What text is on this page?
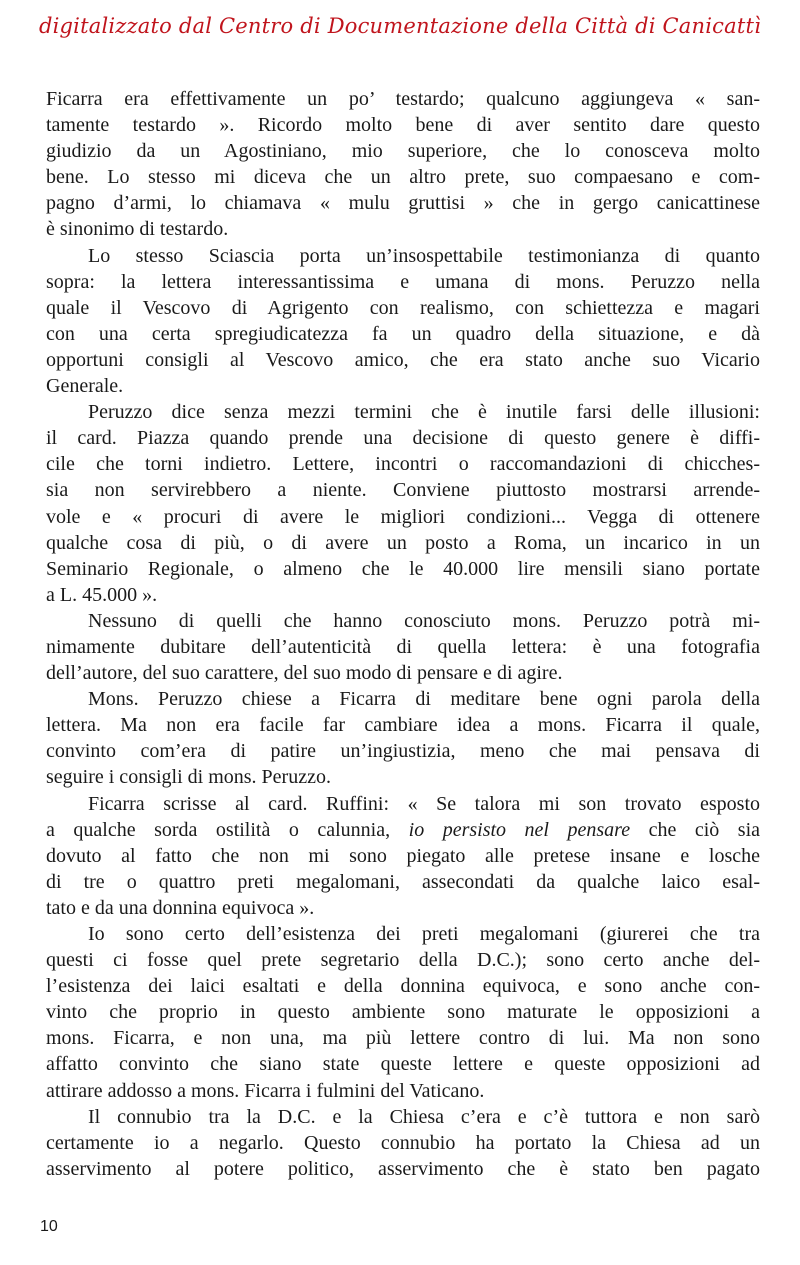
digitalizzato dal Centro di Documentazione della Città di Canicattì
Ficarra era effettivamente un po’ testardo; qualcuno aggiungeva « san-
tamente testardo ». Ricordo molto bene di aver sentito dare questo
giudizio da un Agostiniano, mio superiore, che lo conosceva molto
bene. Lo stesso mi diceva che un altro prete, suo compaesano e com-
pagno d’armi, lo chiamava « mulu gruttisi » che in gergo canicattinese
è sinonimo di testardo.
Lo stesso Sciascia porta un’insospettabile testimonianza di quanto
sopra: la lettera interessantissima e umana di mons. Peruzzo nella
quale il Vescovo di Agrigento con realismo, con schiettezza e magari
con una certa spregiudicatezza fa un quadro della situazione, e dà
opportuni consigli al Vescovo amico, che era stato anche suo Vicario
Generale.
Peruzzo dice senza mezzi termini che è inutile farsi delle illusioni:
il card. Piazza quando prende una decisione di questo genere è diffi-
cile che torni indietro. Lettere, incontri o raccomandazioni di chicches-
sia non servirebbero a niente. Conviene piuttosto mostrarsi arrende-
vole e « procuri di avere le migliori condizioni... Vegga di ottenere
qualche cosa di più, o di avere un posto a Roma, un incarico in un
Seminario Regionale, o almeno che le 40.000 lire mensili siano portate
a L. 45.000 ».
Nessuno di quelli che hanno conosciuto mons. Peruzzo potrà mi-
nimamente dubitare dell’autenticità di quella lettera: è una fotografia
dell’autore, del suo carattere, del suo modo di pensare e di agire.
Mons. Peruzzo chiese a Ficarra di meditare bene ogni parola della
lettera. Ma non era facile far cambiare idea a mons. Ficarra il quale,
convinto com’era di patire un’ingiustizia, meno che mai pensava di
seguire i consigli di mons. Peruzzo.
Ficarra scrisse al card. Ruffini: « Se talora mi son trovato esposto
a qualche sorda ostilità o calunnia, io persisto nel pensare che ciò sia
dovuto al fatto che non mi sono piegato alle pretese insane e losche
di tre o quattro preti megalomani, assecondati da qualche laico esal-
tato e da una donnina equivoca ».
Io sono certo dell’esistenza dei preti megalomani (giurerei che tra
questi ci fosse quel prete segretario della D.C.); sono certo anche del-
l’esistenza dei laici esaltati e della donnina equivoca, e sono anche con-
vinto che proprio in questo ambiente sono maturate le opposizioni a
mons. Ficarra, e non una, ma più lettere contro di lui. Ma non sono
affatto convinto che siano state queste lettere e queste opposizioni ad
attirare addosso a mons. Ficarra i fulmini del Vaticano.
Il connubio tra la D.C. e la Chiesa c’era e c’è tuttora e non sarò
certamente io a negarlo. Questo connubio ha portato la Chiesa ad un
asservimento al potere politico, asservimento che è stato ben pagato
10
